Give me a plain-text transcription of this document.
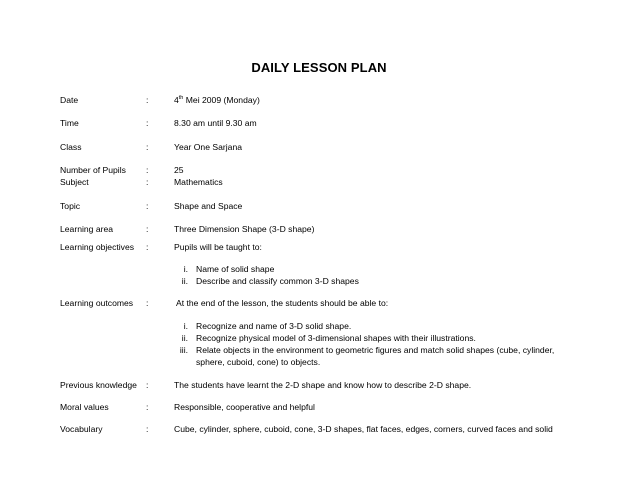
DAILY LESSON PLAN
Date	:	4th Mei 2009 (Monday)
Time	:	8.30 am until 9.30 am
Class	:	Year One Sarjana
Number of Pupils :	25
Subject	:	Mathematics
Topic	:	Shape and Space
Learning area	:	Three Dimension Shape (3-D shape)
Learning objectives :	Pupils will be taught to:
i. Name of solid shape
ii. Describe and classify common 3-D shapes
Learning outcomes :	At the end of the lesson, the students should be able to:
i. Recognize and name of 3-D solid shape.
ii. Recognize physical model of 3-dimensional shapes with their illustrations.
iii. Relate objects in the environment to geometric figures and match solid shapes (cube, cylinder,
sphere, cuboid, cone) to objects.
Previous knowledge :	The students have learnt the 2-D shape and know how to describe 2-D shape.
Moral values	:	Responsible, cooperative and helpful
Vocabulary	:	Cube, cylinder, sphere, cuboid, cone, 3-D shapes, flat faces, edges, corners, curved faces and solid
